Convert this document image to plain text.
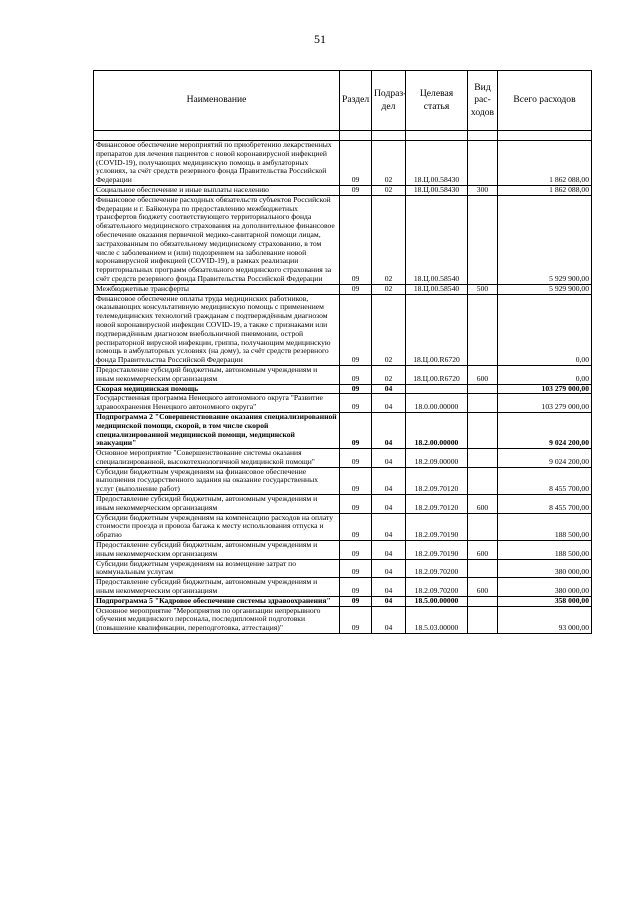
51
Наименование	Раздел	Подраз-дел	Целевая статья	Вид рас-ходов	Всего расходов

Финансовое обеспечение мероприятий по приобретению лекарственных препаратов для лечения пациентов с новой коронавирусной инфекцией (COVID-19), получающих медицинскую помощь в амбулаторных условиях, за счёт средств резервного фонда Правительства Российской Федерации	09	02	18.Ц.00.58430		1 862 088,00
Социальное обеспечение и иные выплаты населению	09	02	18.Ц.00.58430	300	1 862 088,00
Финансовое обеспечение расходных обязательств субъектов Российской Федерации и г. Байконура по предоставлению межбюджетных трансфертов бюджету соответствующего территориального фонда обязательного медицинского страхования на дополнительное финансовое обеспечение оказания первичной медико-санитарной помощи лицам, застрахованным по обязательному медицинскому страхованию, в том числе с заболеванием и (или) подозрением на заболевание новой коронавирусной инфекцией (COVID-19), в рамках реализации территориальных программ обязательного медицинского страхования за счёт средств резервного фонда Правительства Российской Федерации	09	02	18.Ц.00.58540		5 929 900,00
Межбюджетные трансферты	09	02	18.Ц.00.58540	500	5 929 900,00
Финансовое обеспечение оплаты труда медицинских работников, оказывающих консультативную медицинскую помощь с применением телемедицинских технологий гражданам с подтверждённым диагнозом новой коронавирусной инфекции COVID-19, а также с признаками или подтверждённым диагнозом внебольничной пневмонии, острой респираторной вирусной инфекции, гриппа, получающим медицинскую помощь в амбулаторных условиях (на дому), за счёт средств резервного фонда Правительства Российской Федерации	09	02	18.Ц.00.R6720		0,00
Предоставление субсидий бюджетным, автономным учреждениям и иным некоммерческим организациям	09	02	18.Ц.00.R6720	600	0,00
Скорая медицинская помощь	09	04			103 279 000,00
Государственная программа Ненецкого автономного округа "Развитие здравоохранения Ненецкого автономного округа"	09	04	18.0.00.00000		103 279 000,00
Подпрограмма 2 "Совершенствование оказания специализированной медицинской помощи, скорой, в том числе скорой специализированной медицинской помощи, медицинской эвакуации"	09	04	18.2.00.00000		9 024 200,00
Основное мероприятие "Совершенствование системы оказания специализированной, высокотехнологичной медицинской помощи"	09	04	18.2.09.00000		9 024 200,00
Субсидии бюджетным учреждениям на финансовое обеспечение выполнения государственного задания на оказание государственных услуг (выполнение работ)	09	04	18.2.09.70120		8 455 700,00
Предоставление субсидий бюджетным, автономным учреждениям и иным некоммерческим организациям	09	04	18.2.09.70120	600	8 455 700,00
Субсидии бюджетным учреждениям на компенсацию расходов на оплату стоимости проезда и провоза багажа к месту использования отпуска и обратно	09	04	18.2.09.70190		188 500,00
Предоставление субсидий бюджетным, автономным учреждениям и иным некоммерческим организациям	09	04	18.2.09.70190	600	188 500,00
Субсидии бюджетным учреждениям на возмещение затрат по коммунальным услугам	09	04	18.2.09.70200		380 000,00
Предоставление субсидий бюджетным, автономным учреждениям и иным некоммерческим организациям	09	04	18.2.09.70200	600	380 000,00
Подпрограмма 5 "Кадровое обеспечение системы здравоохранения"	09	04	18.5.00.00000		358 000,00
Основное мероприятие "Мероприятия по организации непрерывного обучения медицинского персонала, последипломной подготовки (повышение квалификации, переподготовка, аттестация)"	09	04	18.5.03.00000		93 000,00
